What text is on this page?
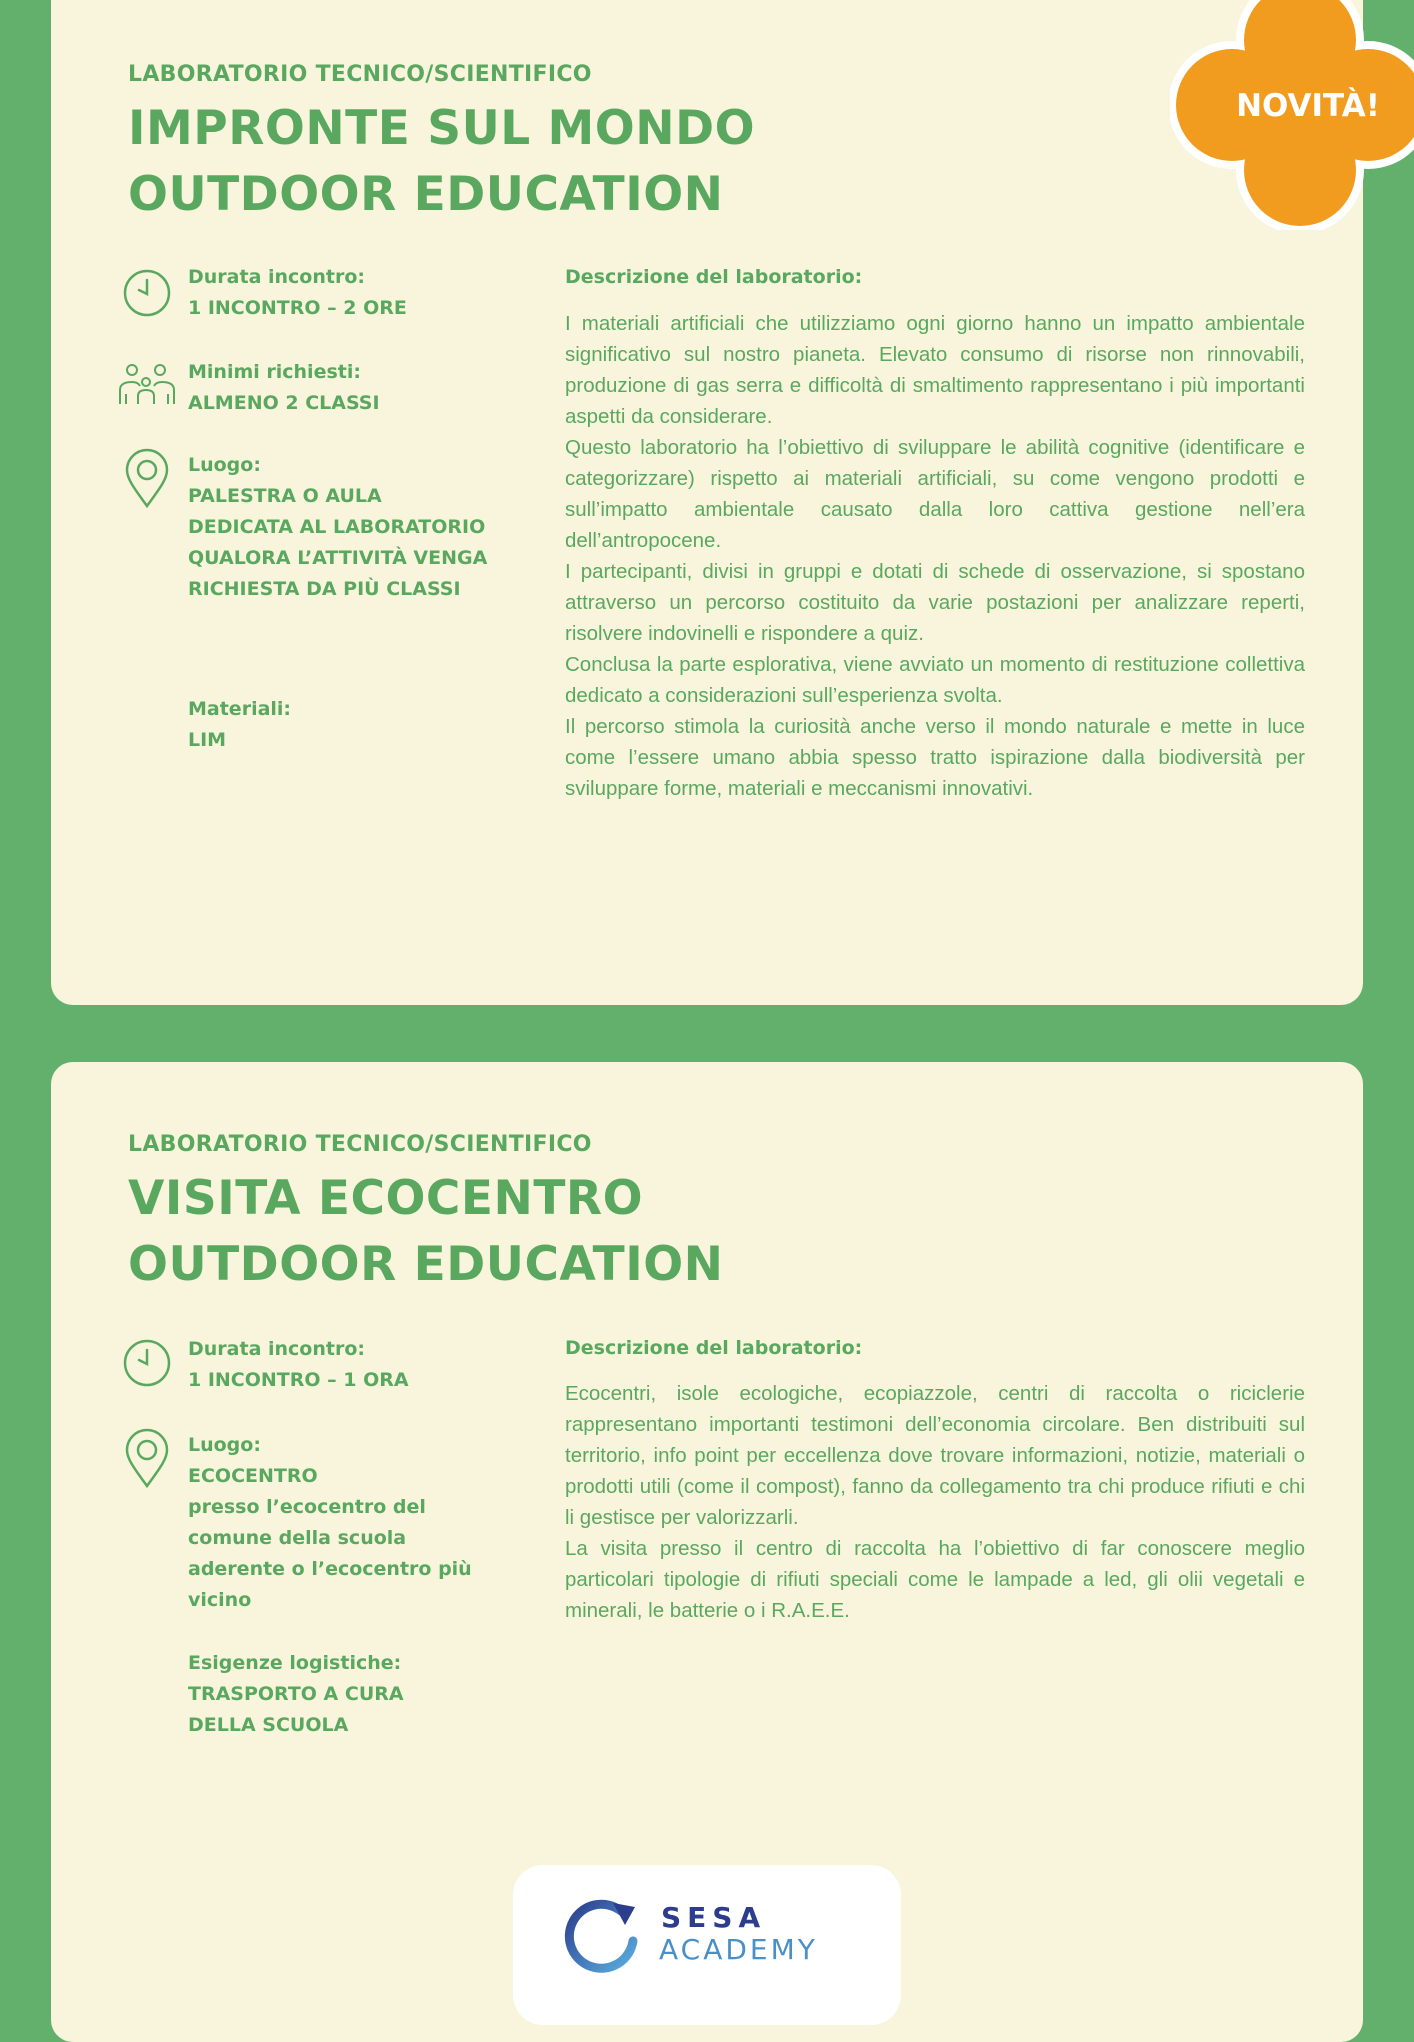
LABORATORIO TECNICO/SCIENTIFICO
IMPRONTE SUL MONDO
OUTDOOR EDUCATION
NOVITÀ!
Durata incontro:
1 INCONTRO – 2 ORE
Minimi richiesti:
ALMENO 2 CLASSI
Luogo:
PALESTRA O AULA DEDICATA AL LABORATORIO QUALORA L’ATTIVITÀ VENGA RICHIESTA DA PIÙ CLASSI
Materiali:
LIM
Descrizione del laboratorio:

I materiali artificiali che utilizziamo ogni giorno hanno un impatto ambientale significativo sul nostro pianeta. Elevato consumo di risorse non rinnovabili, produzione di gas serra e difficoltà di smaltimento rappresentano i più importanti aspetti da considerare.

Questo laboratorio ha l’obiettivo di sviluppare le abilità cognitive (identificare e categorizzare) rispetto ai materiali artificiali, su come vengono prodotti e sull’impatto ambientale causato dalla loro cattiva gestione nell’era dell’antropocene.

I partecipanti, divisi in gruppi e dotati di schede di osservazione, si spostano attraverso un percorso costituito da varie postazioni per analizzare reperti, risolvere indovinelli e rispondere a quiz.

Conclusa la parte esplorativa, viene avviato un momento di restituzione collettiva dedicato a considerazioni sull’esperienza svolta.

Il percorso stimola la curiosità anche verso il mondo naturale e mette in luce come l’essere umano abbia spesso tratto ispirazione dalla biodiversità per sviluppare forme, materiali e meccanismi innovativi.

LABORATORIO TECNICO/SCIENTIFICO
VISITA ECOCENTRO
OUTDOOR EDUCATION
Durata incontro:
1 INCONTRO – 1 ORA
Luogo:
ECOCENTRO
presso l’ecocentro del comune della scuola aderente o l’ecocentro più vicino
Esigenze logistiche:
TRASPORTO A CURA DELLA SCUOLA
Descrizione del laboratorio:

Ecocentri, isole ecologiche, ecopiazzole, centri di raccolta o riciclerie rappresentano importanti testimoni dell’economia circolare. Ben distribuiti sul territorio, info point per eccellenza dove trovare informazioni, notizie, materiali o prodotti utili (come il compost), fanno da collegamento tra chi produce rifiuti e chi li gestisce per valorizzarli.

La visita presso il centro di raccolta ha l’obiettivo di far conoscere meglio particolari tipologie di rifiuti speciali come le lampade a led, gli olii vegetali e minerali, le batterie o i R.A.E.E.

SESA
ACADEMY
